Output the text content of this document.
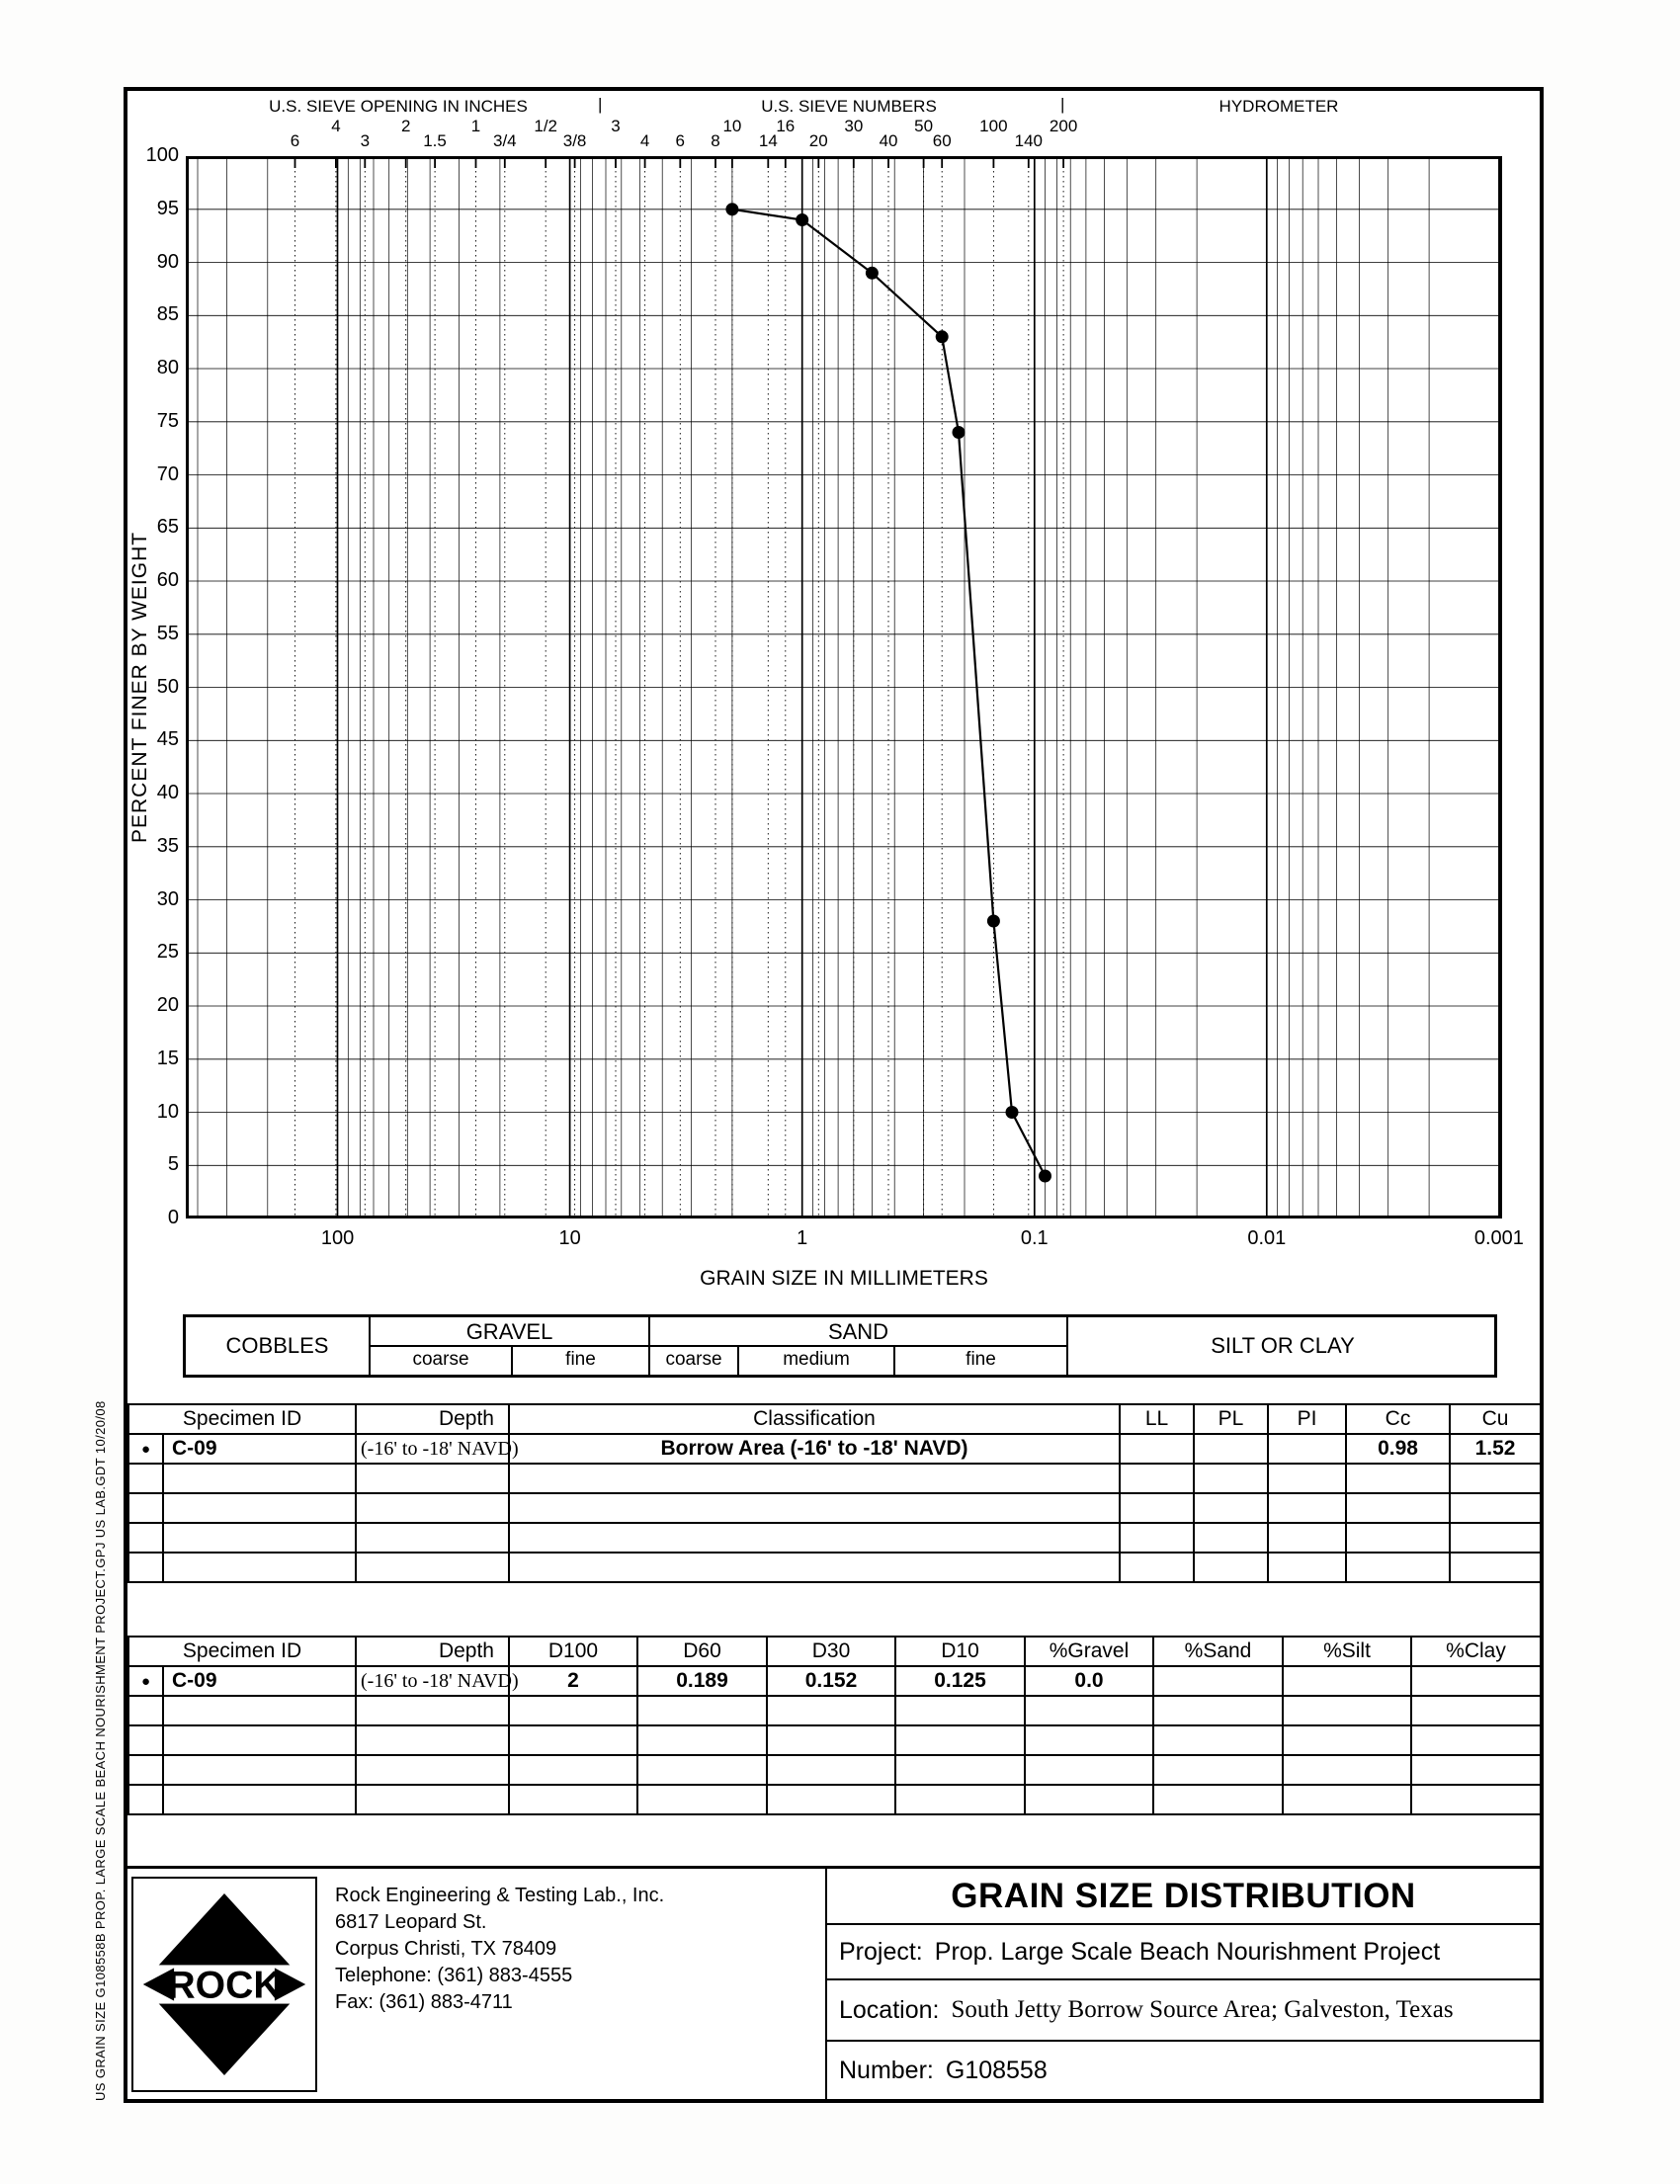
US GRAIN SIZE G108558B PROP. LARGE SCALE BEACH NOURISHMENT PROJECT.GPJ US LAB.GDT 10/20/08
U.S. SIEVE OPENING IN INCHES	|	U.S. SIEVE NUMBERS	|	HYDROMETER
6
4
3
2
1.5
1
3/4
1/2
3/8
3
4 6 8
10
14
16
20
30
40
50
60
100
140
200
PERCENT FINER BY WEIGHT
0
5
10
15
20
25
30
35
40
45
50
55
60
65
70
75
80
85
90
95
100
100	10	1	0.1	0.01	0.001
GRAIN SIZE IN MILLIMETERS
COBBLES
GRAVEL
coarse	fine
SAND
coarse	medium	fine
SILT OR CLAY
Specimen ID		Depth	Classification	LL	PL	PI	Cc	Cu
●	C-09	(-16' to -18' NAVD)	Borrow Area (-16' to -18' NAVD)				0.98	1.52

Specimen ID		Depth	D100	D60	D30	D10	%Gravel	%Sand	%Silt	%Clay
●	C-09	(-16' to -18' NAVD)	2	0.189	0.152	0.125	0.0			

ROCK
Rock Engineering & Testing Lab., Inc.
6817 Leopard St.
Corpus Christi, TX 78409
Telephone: (361) 883-4555
Fax: (361) 883-4711
GRAIN SIZE DISTRIBUTION
Project: Prop. Large Scale Beach Nourishment Project
Location: South Jetty Borrow Source Area; Galveston, Texas
Number: G108558
